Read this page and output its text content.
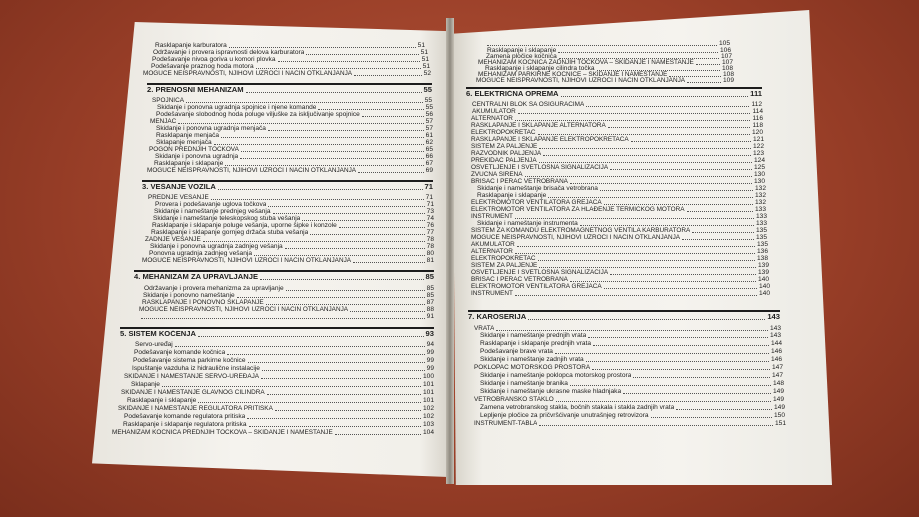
Rasklapanje karburatora	51
Održavanje i provera ispravnosti delova karburatora	51
Podešavanje nivoa goriva u komori plovka	51
Podešavanje praznog hoda motora	51
MOGUĆE NEISPRAVNOSTI, NJIHOVI UZROCI I NAČIN OTKLANJANJA	52
2. PRENOSNI MEHANIZAM	55
SPOJNICA	55
Skidanje i ponovna ugradnja spojnice i njene komande	55
Podešavanje slobodnog hoda poluge viljuške za isključivanje spojnice	56
MENJAČ	57
Skidanje i ponovna ugradnja menjača	57
Rasklapanje menjača	61
Sklapanje menjača	62
POGON PREDNJIH TOČKOVA	65
Skidanje i ponovna ugradnja	66
Rasklapanje i sklapanje	67
MOGUĆE NEISPRAVNOSTI, NJIHOVI UZROCI I NAČIN OTKLANJANJA	69
3. VEŠANJE VOZILA	71
PREDNJE VEŠANJE	71
Provera i podešavanje uglova točkova	71
Skidanje i nameštanje prednjeg vešanja	73
Skidanje i nameštanje teleskopskog stuba vešanja	74
Rasklapanje i sklapanje poluge vešanja, uporne šipke i konzole	76
Rasklapanje i sklapanje gornjeg držača stuba vešanja	77
ZADNJE VEŠANJE	78
Skidanje i ponovna ugradnja zadnjeg vešanja	78
Ponovna ugradnja zadnjeg vešanja	80
MOGUĆE NEISPRAVNOSTI, NJIHOVI UZROCI I NAČIN OTKLANJANJA	81
4. MEHANIZAM ZA UPRAVLJANJE	85
Održavanje i provera mehanizma za upravljanje	85
Skidanje i ponovno nameštanje	85
RASKLAPANJE I PONOVNO SKLAPANJE	87
MOGUĆE NEISPRAVNOSTI, NJIHOVI UZROCI I NAČIN OTKLANJANJA	88
91
5. SISTEM KOČENJA	93
Servo-uređaj	94
Podešavanje komande kočnica	99
Podešavanje sistema parkirne kočnice	99
Ispuštanje vazduha iz hidraulične instalacije	99
SKIDANJE I NAMEŠTANJE SERVO-UREĐAJA	100
Sklapanje	101
SKIDANJE I NAMEŠTANJE GLAVNOG CILINDRA	101
Rasklapanje i sklapanje	101
SKIDANJE I NAMEŠTANJE REGULATORA PRITISKA	102
Podešavanje komande regulatora pritiska	102
Rasklapanje i sklapanje regulatora pritiska	103
MEHANIZAM KOČNICA PREDNJIH TOČKOVA – SKIDANJE I NAMEŠTANJE	104
105
Rasklapanje i sklapanje	106
Zamena pločice kočnica	107
MEHANIZAM KOČNICA ZADNJIH TOČKOVA – SKIDANJE I NAMEŠTANJE	107
Rasklapanje i sklapanje cilindra točka	108
MEHANIZAM PARKIRNE KOČNICE – SKIDANJE I NAMEŠTANJE	108
MOGUĆE NEISPRAVNOSTI, NJIHOVI UZROCI I NAČIN OTKLANJANJA	109
6. ELEKTRIČNA OPREMA	111
CENTRALNI BLOK SA OSIGURAČIMA	112
AKUMULATOR	114
ALTERNATOR	116
RASKLAPANJE I SKLAPANJE ALTERNATORA	118
ELEKTROPOKRETAČ	120
RASKLAPANJE I SKLAPANJE ELEKTROPOKRETAČA	121
SISTEM ZA PALJENJE	122
RAZVODNIK PALJENJA	123
PREKIDAČ PALJENJA	124
OSVETLJENJE I SVETLOSNA SIGNALIZACIJA	125
ZVUČNA SIRENA	130
BRISAČ I PERAČ VETROBRANA	130
Skidanje i nameštanje brisača vetrobrana	132
Rasklapanje i sklapanje	132
ELEKTROMOTOR VENTILATORA GREJAČA	132
ELEKTROMOTOR VENTILATORA ZA HLAĐENJE TERMIČKOG MOTORA	133
INSTRUMENT	133
Skidanje i nameštanje instrumenta	133
SISTEM ZA KOMANDU ELEKTROMAGNETNOG VENTILA KARBURATORA	135
MOGUĆE NEISPRAVNOSTI, NJIHOVI UZROCI I NAČIN OTKLANJANJA	135
AKUMULATOR	135
ALTERNATOR	136
ELEKTROPOKRETAČ	138
SISTEM ZA PALJENJE	139
OSVETLJENJE I SVETLOSNA SIGNALIZACIJA	139
BRISAČ I PERAČ VETROBRANA	140
ELEKTROMOTOR VENTILATORA GREJAČA	140
INSTRUMENT	140
7. KAROSERIJA	143
VRATA	143
Skidanje i nameštanje prednjih vrata	143
Rasklapanje i sklapanje prednjih vrata	144
Podešavanje brave vrata	146
Skidanje i nameštanje zadnjih vrata	146
POKLOPAC MOTORSKOG PROSTORA	147
Skidanje i nameštanje poklopca motorskog prostora	147
Skidanje i nameštanje branika	148
Skidanje i nameštanje ukrasne maske hladnjaka	149
VETROBRANSKO STAKLO	149
Zamena vetrobranskog stakla, bočnih stakala i stakla zadnjih vrata	149
Lepljenje pločice za pričvršćivanje unutrašnjeg retrovizora	150
INSTRUMENT-TABLA	151
